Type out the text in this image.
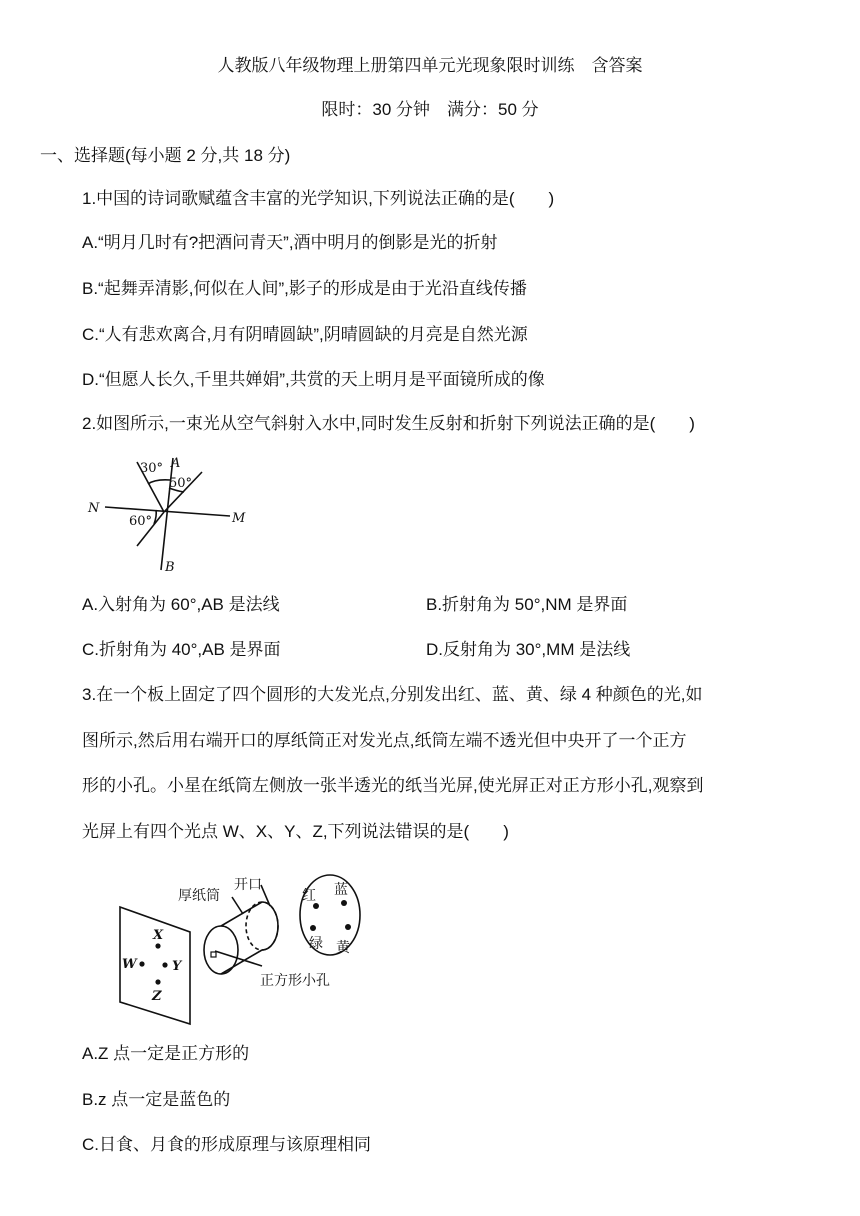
人教版八年级物理上册第四单元光现象限时训练　含答案
限时：30 分钟　满分：50 分
一、选择题(每小题 2 分,共 18 分)
1.中国的诗词歌赋蕴含丰富的光学知识,下列说法正确的是(　　)
A.“明月几时有?把酒问青天”,酒中明月的倒影是光的折射
B.“起舞弄清影,何似在人间”,影子的形成是由于光沿直线传播
C.“人有悲欢离合,月有阴晴圆缺”,阴晴圆缺的月亮是自然光源
D.“但愿人长久,千里共婵娟”,共赏的天上明月是平面镜所成的像
2.如图所示,一束光从空气斜射入水中,同时发生反射和折射下列说法正确的是(　　)
30° A
50°
N
60°	M
B
A.入射角为 60°,AB 是法线	B.折射角为 50°,NM 是界面
C.折射角为 40°,AB 是界面	D.反射角为 30°,MM 是法线
3.在一个板上固定了四个圆形的大发光点,分别发出红、蓝、黄、绿 4 种颜色的光,如
图所示,然后用右端开口的厚纸筒正对发光点,纸筒左端不透光但中央开了一个正方
形的小孔。小星在纸筒左侧放一张半透光的纸当光屏,使光屏正对正方形小孔,观察到
光屏上有四个光点 W、X、Y、Z,下列说法错误的是(　　)
厚纸筒
开口
正方形小孔
红 蓝
绿 黄
X
W	Y
Z
A.Z 点一定是正方形的
B.z 点一定是蓝色的
C.日食、月食的形成原理与该原理相同
